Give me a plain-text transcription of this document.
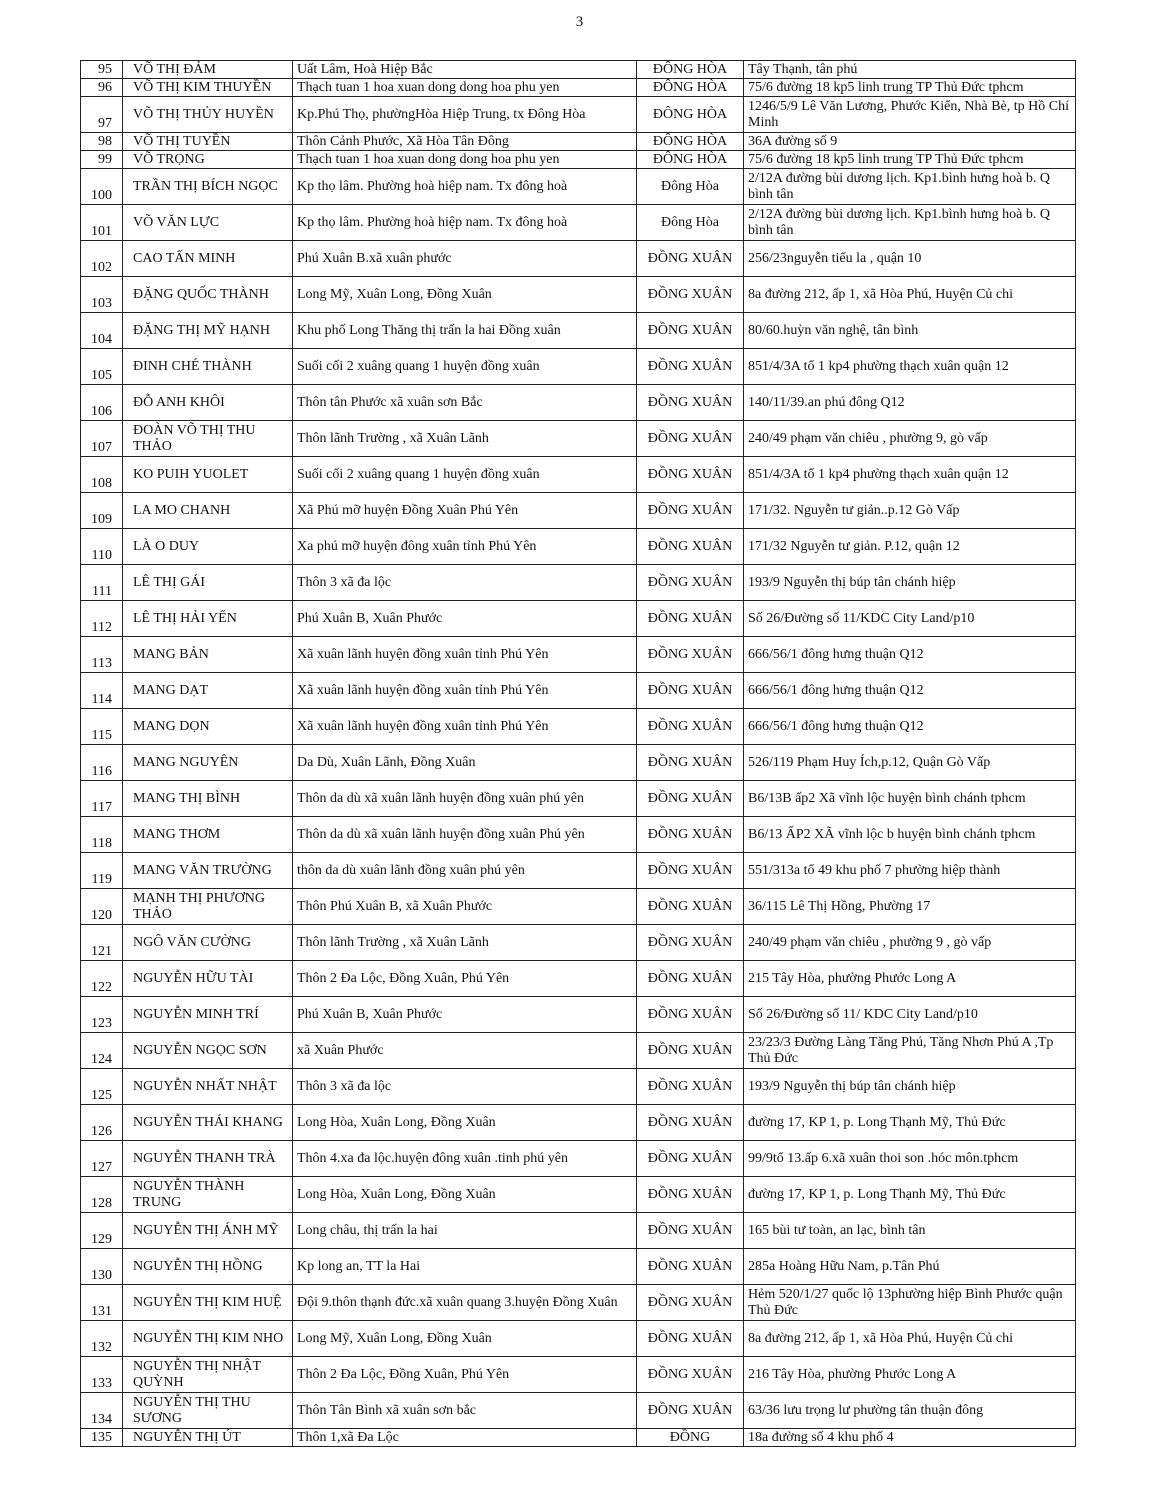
3
95	VÕ THỊ ĐẢM	Uất Lâm, Hoà Hiệp Bắc	ĐÔNG HÒA	Tây Thạnh, tân phú
96	VÕ THỊ KIM THUYỀN	Thạch tuan 1 hoa xuan dong dong hoa phu yen	ĐÔNG HÒA	75/6 đường 18 kp5 linh trung TP Thủ Đức tphcm
97	VÕ THỊ THỦY HUYỀN	Kp.Phú Thọ, phườngHòa Hiệp Trung, tx Đông Hòa	ĐÔNG HÒA	1246/5/9 Lê Văn Lương, Phước Kiển, Nhà Bè, tp Hồ Chí Minh
98	VÕ THỊ TUYỀN	Thôn Cảnh Phước, Xã Hòa Tân Đông	ĐÔNG HÒA	36A đường số 9
99	VÕ TRỌNG	Thạch tuan 1 hoa xuan dong dong hoa phu yen	ĐÔNG HÒA	75/6 đường 18 kp5 linh trung TP Thủ Đức tphcm
100	TRẦN THỊ BÍCH NGỌC	Kp thọ lâm. Phường hoà hiệp nam. Tx đông hoà	Đông Hòa	2/12A đường bùi dương lịch. Kp1.bình hưng hoà b. Q bình tân
101	VÕ VĂN LỰC	Kp thọ lâm. Phường hoà hiệp nam. Tx đông hoà	Đông Hòa	2/12A đường bùi dương lịch. Kp1.bình hưng hoà b. Q bình tân
102	CAO TẤN MINH	Phú Xuân B.xã xuân phước	ĐỒNG XUÂN	256/23nguyễn tiểu la , quận 10
103	ĐẶNG QUỐC THÀNH	Long Mỹ, Xuân Long, Đồng Xuân	ĐỒNG XUÂN	8a đường 212, ấp 1, xã Hòa Phú, Huyện Củ chi
104	ĐẶNG THỊ MỸ HẠNH	Khu phố Long Thăng thị trấn la hai Đồng xuân	ĐỒNG XUÂN	80/60.huỳn văn nghệ, tân bình
105	ĐINH CHÉ THÀNH	Suối cối 2 xuâng quang 1 huyện đồng xuân	ĐỒNG XUÂN	851/4/3A tổ 1 kp4 phường thạch xuân quận 12
106	ĐỖ ANH KHÔI	Thôn tân Phước xã xuân sơn Bắc	ĐỒNG XUÂN	140/11/39.an phú đông Q12
107	ĐOÀN VÕ THỊ THU THẢO	Thôn lãnh Trường , xã Xuân Lãnh	ĐỒNG XUÂN	240/49 phạm văn chiêu , phường 9, gò vấp
108	KO PUIH YUOLET	Suối cối 2 xuâng quang 1 huyện đồng xuân	ĐỒNG XUÂN	851/4/3A tổ 1 kp4 phường thạch xuân quận 12
109	LA MO CHANH	Xã Phú mỡ huyện Đồng Xuân Phú Yên	ĐỒNG XUÂN	171/32. Nguyễn tư giản..p.12 Gò Vấp
110	LÀ O DUY	Xa phú mỡ huyện đông xuân tỉnh Phú Yên	ĐỒNG XUÂN	171/32 Nguyễn tư giản. P.12, quận 12
111	LÊ THỊ GÁI	Thôn 3 xã đa lộc	ĐỒNG XUÂN	193/9 Nguyễn thị búp tân chánh hiệp
112	LÊ THỊ HẢI YẾN	Phú Xuân B, Xuân Phước	ĐỒNG XUÂN	Số 26/Đường số 11/KDC City Land/p10
113	MANG BẢN	Xã xuân lãnh huyện đồng xuân tỉnh Phú Yên	ĐỒNG XUÂN	666/56/1 đông hưng thuận Q12
114	MANG DẠT	Xã xuân lãnh huyện đồng xuân tỉnh Phú Yên	ĐỒNG XUÂN	666/56/1 đông hưng thuận Q12
115	MANG DỌN	Xã xuân lãnh huyện đồng xuân tỉnh Phú Yên	ĐỒNG XUÂN	666/56/1 đông hưng thuận Q12
116	MANG NGUYÊN	Da Dù, Xuân Lãnh, Đồng Xuân	ĐỒNG XUÂN	526/119 Phạm Huy Ích,p.12, Quận Gò Vấp
117	MANG THỊ BÌNH	Thôn da dù xã xuân lãnh huyện đồng xuân phú yên	ĐỒNG XUÂN	B6/13B ấp2 Xã vĩnh lộc huyện bình chánh tphcm
118	MANG THƠM	Thôn da dù xã xuân lãnh huyện đồng xuân Phú yên	ĐỒNG XUÂN	B6/13 ẤP2 XÃ vĩnh lộc b huyện bình chánh tphcm
119	MANG VĂN TRƯỜNG	thôn da dù xuân lãnh đồng xuân phú yên	ĐỒNG XUÂN	551/313a tổ 49 khu phố 7 phường hiệp thành
120	MẠNH THỊ PHƯƠNG THẢO	Thôn Phú Xuân B, xã Xuân Phước	ĐỒNG XUÂN	36/115 Lê Thị Hồng, Phường 17
121	NGÔ VĂN CƯỜNG	Thôn lãnh Trường , xã Xuân Lãnh	ĐỒNG XUÂN	240/49 phạm văn chiêu , phường 9 , gò vấp
122	NGUYỄN HỮU TÀI	Thôn 2 Đa Lộc, Đồng Xuân, Phú Yên	ĐỒNG XUÂN	215 Tây Hòa, phường Phước Long A
123	NGUYỄN MINH TRÍ	Phú Xuân B, Xuân Phước	ĐỒNG XUÂN	Số 26/Đường số 11/ KDC City Land/p10
124	NGUYỄN NGỌC SƠN	xã Xuân Phước	ĐỒNG XUÂN	23/23/3 Đường Làng Tăng Phú, Tăng Nhơn Phú A ,Tp Thủ Đức
125	NGUYỄN NHẤT NHẬT	Thôn 3 xã đa lộc	ĐỒNG XUÂN	193/9 Nguyễn thị búp tân chánh hiệp
126	NGUYỄN THÁI KHANG	Long Hòa, Xuân Long, Đồng Xuân	ĐỒNG XUÂN	đường 17, KP 1, p. Long Thạnh Mỹ, Thủ Đức
127	NGUYỄN THANH TRÀ	Thôn 4.xa đa lộc.huyện đông xuân .tinh phú yên	ĐỒNG XUÂN	99/9tổ 13.ấp 6.xã xuân thoi son .hóc môn.tphcm
128	NGUYỄN THÀNH TRUNG	Long Hòa, Xuân Long, Đồng Xuân	ĐỒNG XUÂN	đường 17, KP 1, p. Long Thạnh Mỹ, Thủ Đức
129	NGUYỄN THỊ ÁNH MỸ	Long châu, thị trấn la hai	ĐỒNG XUÂN	165 bùi tư toàn, an lạc, bình tân
130	NGUYỄN THỊ HỒNG	Kp long an, TT la Hai	ĐỒNG XUÂN	285a Hoàng Hữu Nam, p.Tân Phú
131	NGUYỄN THỊ KIM HUỆ	Đội 9.thôn thạnh đức.xã xuân quang 3.huyện Đồng Xuân	ĐỒNG XUÂN	Hẻm 520/1/27 quốc lộ 13phường hiệp Bình Phước quận Thủ Đức
132	NGUYỄN THỊ KIM NHO	Long Mỹ, Xuân Long, Đồng Xuân	ĐỒNG XUÂN	8a đường 212, ấp 1, xã Hòa Phú, Huyện Củ chi
133	NGUYỄN THỊ NHẬT QUỲNH	Thôn 2 Đa Lộc, Đồng Xuân, Phú Yên	ĐỒNG XUÂN	216 Tây Hòa, phường Phước Long A
134	NGUYỄN THỊ THU SƯƠNG	Thôn Tân Bình xã xuân sơn bắc	ĐỒNG XUÂN	63/36 lưu trọng lư phường tân thuận đông
135	NGUYỄN THỊ ÚT	Thôn 1,xã Đa Lộc	ĐỒNG	18a đường số 4 khu phố 4
